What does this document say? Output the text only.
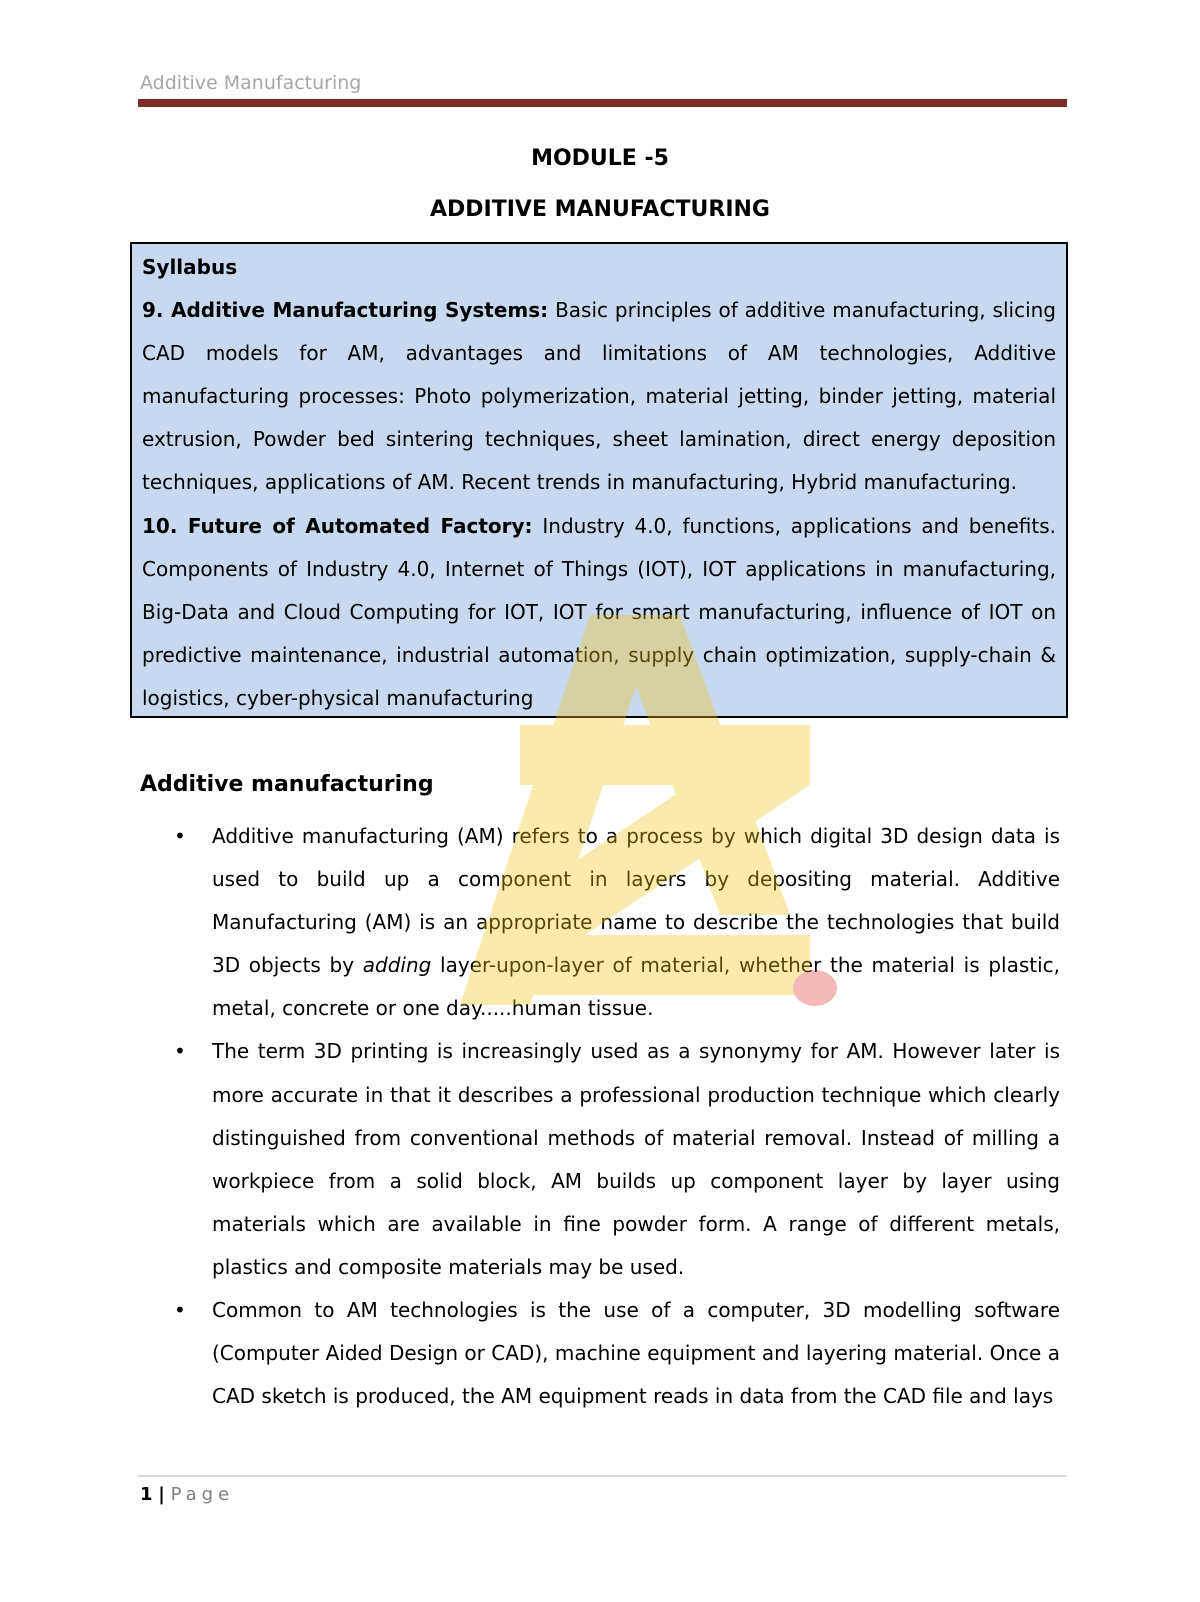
Additive Manufacturing
MODULE -5
ADDITIVE MANUFACTURING

Syllabus

9. Additive Manufacturing Systems: Basic principles of additive manufacturing, slicing CAD models for AM, advantages and limitations of AM technologies, Additive manufacturing processes: Photo polymerization, material jetting, binder jetting, material extrusion, Powder bed sintering techniques, sheet lamination, direct energy deposition techniques, applications of AM. Recent trends in manufacturing, Hybrid manufacturing.

10. Future of Automated Factory: Industry 4.0, functions, applications and benefits. Components of Industry 4.0, Internet of Things (IOT), IOT applications in manufacturing, Big-Data and Cloud Computing for IOT, IOT for smart manufacturing, influence of IOT on predictive maintenance, industrial automation, supply chain optimization, supply-chain & logistics, cyber-physical manufacturing

Additive manufacturing
• Additive manufacturing (AM) refers to a process by which digital 3D design data is used to build up a component in layers by depositing material. Additive Manufacturing (AM) is an appropriate name to describe the technologies that build 3D objects by adding layer-upon-layer of material, whether the material is plastic, metal, concrete or one day.....human tissue.
• The term 3D printing is increasingly used as a synonymy for AM. However later is more accurate in that it describes a professional production technique which clearly distinguished from conventional methods of material removal. Instead of milling a workpiece from a solid block, AM builds up component layer by layer using materials which are available in fine powder form. A range of different metals, plastics and composite materials may be used.
• Common to AM technologies is the use of a computer, 3D modelling software (Computer Aided Design or CAD), machine equipment and layering material. Once a CAD sketch is produced, the AM equipment reads in data from the CAD file and lays
1 | Page
